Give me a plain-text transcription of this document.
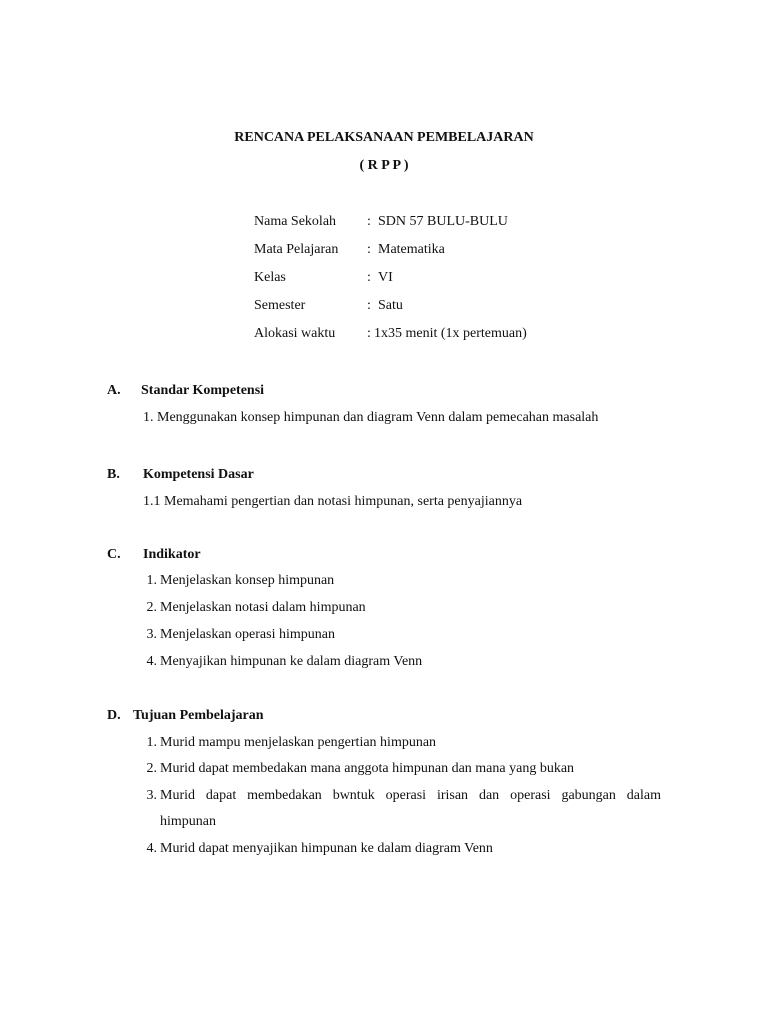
RENCANA PELAKSANAAN PEMBELAJARAN
( R P P )
Nama Sekolah : SDN 57 BULU-BULU
Mata Pelajaran : Matematika
Kelas	: VI
Semester	: Satu
Alokasi waktu : 1x35 menit (1x pertemuan)
A. Standar Kompetensi
1. Menggunakan konsep himpunan dan diagram Venn dalam pemecahan masalah
B. Kompetensi Dasar
1.1 Memahami pengertian dan notasi himpunan, serta penyajiannya
C. Indikator
1. Menjelaskan konsep himpunan
2. Menjelaskan notasi dalam himpunan
3. Menjelaskan operasi himpunan
4. Menyajikan himpunan ke dalam diagram Venn
D. Tujuan Pembelajaran
1. Murid mampu menjelaskan pengertian himpunan
2. Murid dapat membedakan mana anggota himpunan dan mana yang bukan
3. Murid dapat membedakan bwntuk operasi irisan dan operasi gabungan dalam
himpunan
4. Murid dapat menyajikan himpunan ke dalam diagram Venn
